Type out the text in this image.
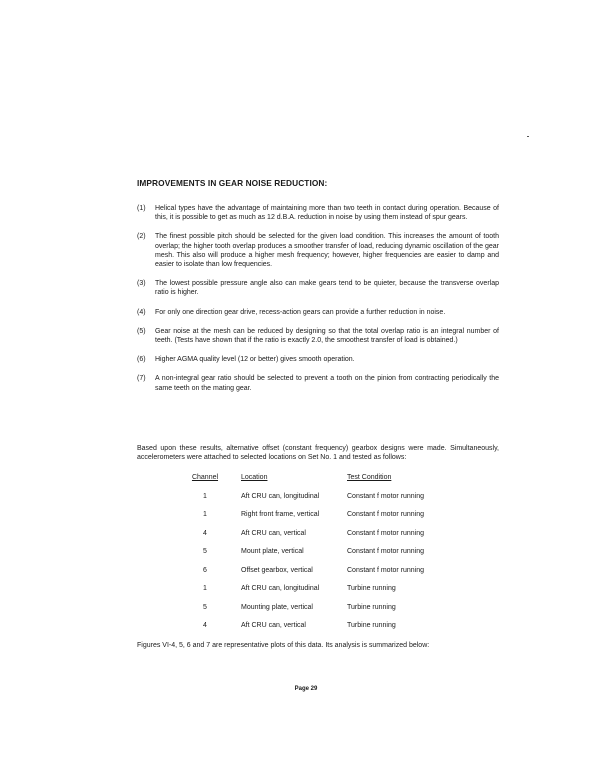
IMPROVEMENTS IN GEAR NOISE REDUCTION:
(1)	Helical types have the advantage of maintaining more than two teeth in contact during operation. Because of this, it is possible to get as much as 12 d.B.A. reduction in noise by using them instead of spur gears.
(2)	The finest possible pitch should be selected for the given load condition. This increases the amount of tooth overlap; the higher tooth overlap produces a smoother transfer of load, reducing dynamic oscillation of the gear mesh. This also will produce a higher mesh frequency; however, higher frequencies are easier to damp and easier to isolate than low frequencies.
(3)	The lowest possible pressure angle also can make gears tend to be quieter, because the transverse overlap ratio is higher.
(4)	For only one direction gear drive, recess-action gears can provide a further reduction in noise.
(5)	Gear noise at the mesh can be reduced by designing so that the total overlap ratio is an integral number of teeth. (Tests have shown that if the ratio is exactly 2.0, the smoothest transfer of load is obtained.)
(6)	Higher AGMA quality level (12 or better) gives smooth operation.
(7)	A non-integral gear ratio should be selected to prevent a tooth on the pinion from contracting periodically the same teeth on the mating gear.
Based upon these results, alternative offset (constant frequency) gearbox designs were made. Simultaneously, accelerometers were attached to selected locations on Set No. 1 and tested as follows:
Channel	Location	Test Condition
1	Aft CRU can, longitudinal	Constant f motor running
1	Right front frame, vertical	Constant f motor running
4	Aft CRU can, vertical	Constant f motor running
5	Mount plate, vertical	Constant f motor running
6	Offset gearbox, vertical	Constant f motor running
1	Aft CRU can, longitudinal	Turbine running
5	Mounting plate, vertical	Turbine running
4	Aft CRU can, vertical	Turbine running
Figures VI-4, 5, 6 and 7 are representative plots of this data. Its analysis is summarized below:
Page 29
